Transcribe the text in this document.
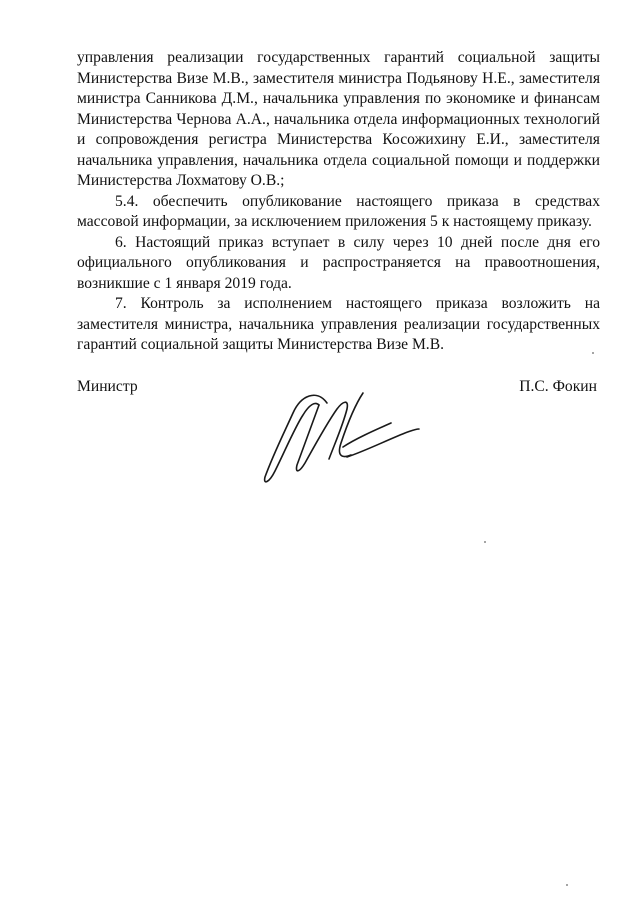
управления реализации государственных гарантий социальной защиты Министерства Визе М.В., заместителя министра Подьянову Н.Е., заместителя министра Санникова Д.М., начальника управления по экономике и финансам Министерства Чернова А.А., начальника отдела информационных технологий и сопровождения регистра Министерства Косожихину Е.И., заместителя начальника управления, начальника отдела социальной помощи и поддержки Министерства Лохматову О.В.;

5.4. обеспечить опубликование настоящего приказа в средствах массовой информации, за исключением приложения 5 к настоящему приказу.

6. Настоящий приказ вступает в силу через 10 дней после дня его официального опубликования и распространяется на правоотношения, возникшие с 1 января 2019 года.

7. Контроль за исполнением настоящего приказа возложить на заместителя министра, начальника управления реализации государственных гарантий социальной защиты Министерства Визе М.В.

Министр	П.С. Фокин
